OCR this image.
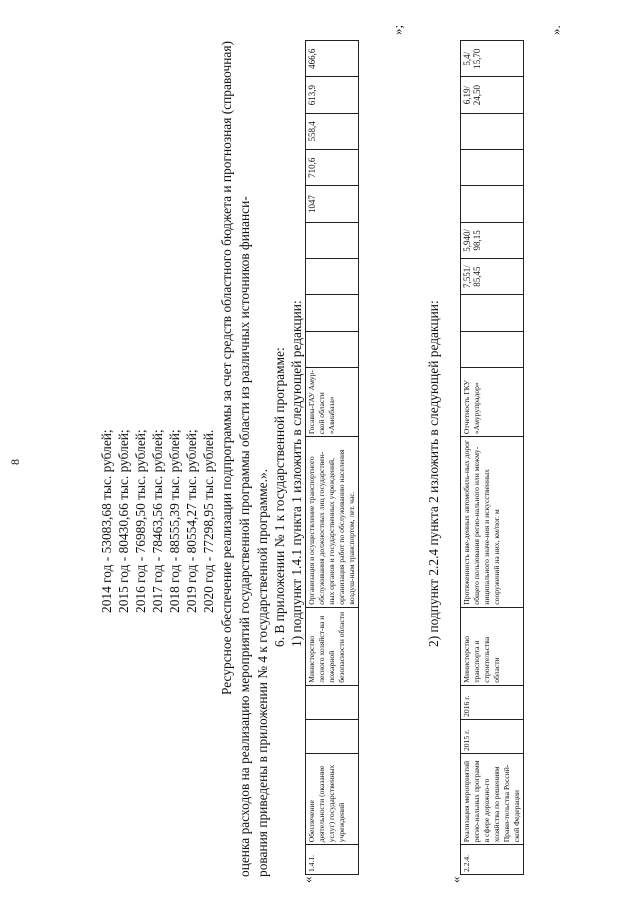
8	2014 год - 53083,68 тыс. рублей; 2015 год - 80430,66 тыс. рублей; 2016 год - 76989,50 тыс. рублей; 2017 год - 78463,56 тыс. рублей; 2018 год - 88555,39 тыс. рублей; 2019 год - 80554,27 тыс. рублей; 2020 год - 77298,95 тыс. рублей. Ресурсное обеспечение реализации подпрограммы за счет средств областного бюджета и прогнозная (справочная) оценка расходов на реализацию мероприятий государственной программы области из различных источников финанси- рования приведены в приложении № 4 к государственной программе.». 6. В приложении № 1 к государственной программе: 1) подпункт 1.4.1 пункта 1 изложить в следующей редакции:
«
1.4.1.	Обеспечение деятельности (оказание услуг) государственных учреждений			Министерство лесного хозяйст-ва и пожарной безопасности области	Организация и осуществление транспортного обслуживания должностных лиц государствен-ных органов и государственных учреждений, организация работ по обслуживанию населения воздуш-ным транспортом, лет. час.	Госавиа-ГАУ Амур-ской области «Авиабаза»					1047	710,6	558,4	613,9	466,6
»;
2) подпункт 2.2.4 пункта 2 изложить в следующей редакции:
«
2.2.4.	Реализация мероприятий регио-нальных программ в сфере дорожно-го хозяйства по решениям Прави-тельства Россий-ской Федерации	2015 г.	2016 г.	Министерство транспорта и строительства области	Протяженность вве-денных автомобиль-ных дорог общего пользования регио-нального или межму-ниципального значе-ния и искусственных сооружений на них, км/пог. м	Отчетность ГКУ «Амурупрадор»			7,551/ 85,45	5,940/ 98,15				6,19/ 24,50	5,4/ 15,70
».
